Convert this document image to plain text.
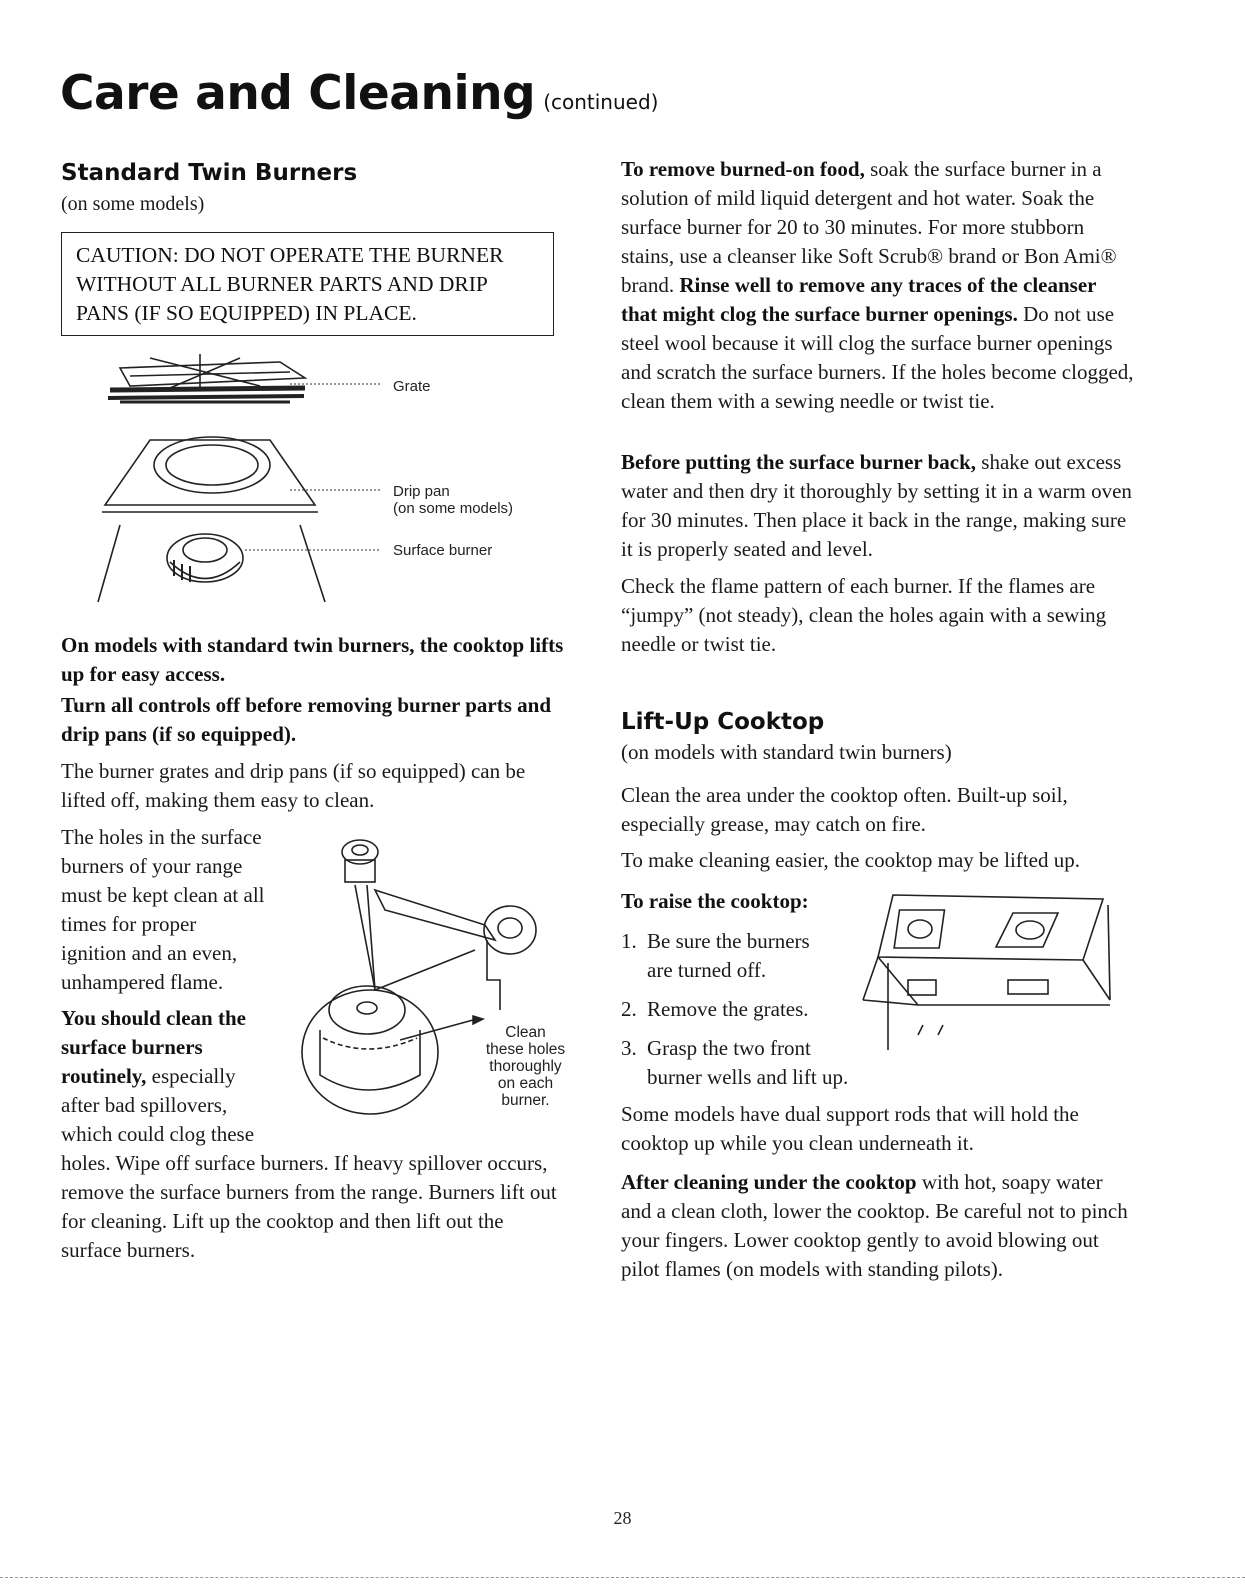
Care and Cleaning (continued)
Standard Twin Burners
(on some models)
CAUTION: DO NOT OPERATE THE BURNER
WITHOUT ALL BURNER PARTS AND DRIP
PANS (IF SO EQUIPPED) IN PLACE.
Grate
Drip pan
(on some models)
Surface burner
On models with standard twin burners, the cooktop lifts up for easy access.
Turn all controls off before removing burner parts and drip pans (if so equipped).
The burner grates and drip pans (if so equipped) can be lifted off, making them easy to clean.
The holes in the surface
burners of your range
must be kept clean at all
times for proper
ignition and an even,
unhampered flame.
You should clean the
surface burners
routinely, especially
after bad spillovers,
which could clog these
holes. Wipe off surface burners. If heavy spillover occurs, remove the surface burners from the range. Burners lift out for cleaning. Lift up the cooktop and then lift out the surface burners.
Clean
these holes
thoroughly
on each
burner.
To remove burned-on food, soak the surface burner in a solution of mild liquid detergent and hot water. Soak the surface burner for 20 to 30 minutes. For more stubborn stains, use a cleanser like Soft Scrub® brand or Bon Ami® brand. Rinse well to remove any traces of the cleanser that might clog the surface burner openings. Do not use steel wool because it will clog the surface burner openings and scratch the surface burners. If the holes become clogged, clean them with a sewing needle or twist tie.
Before putting the surface burner back, shake out excess water and then dry it thoroughly by setting it in a warm oven for 30 minutes. Then place it back in the range, making sure it is properly seated and level.
Check the flame pattern of each burner. If the flames are “jumpy” (not steady), clean the holes again with a sewing needle or twist tie.
Lift-Up Cooktop
(on models with standard twin burners)
Clean the area under the cooktop often. Built-up soil, especially grease, may catch on fire.
To make cleaning easier, the cooktop may be lifted up.
To raise the cooktop:
1. Be sure the burners
are turned off.
2. Remove the grates.
3. Grasp the two front
burner wells and lift up.
Some models have dual support rods that will hold the cooktop up while you clean underneath it.
After cleaning under the cooktop with hot, soapy water and a clean cloth, lower the cooktop. Be careful not to pinch your fingers. Lower cooktop gently to avoid blowing out pilot flames (on models with standing pilots).
28
